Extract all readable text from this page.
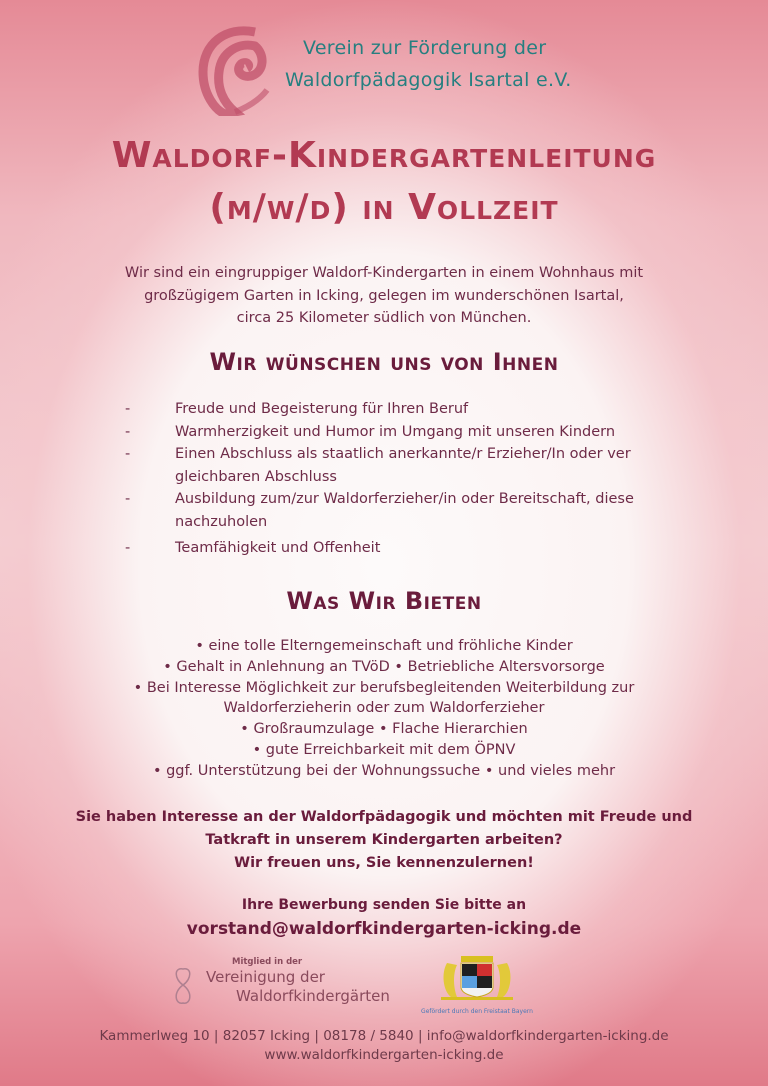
Verein zur Förderung der
Waldorfpädagogik Isartal e.V.
Waldorf-Kindergartenleitung
(m/w/d) in Vollzeit
Wir sind ein eingruppiger Waldorf-Kindergarten in einem Wohnhaus mit
großzügigem Garten in Icking, gelegen im wunderschönen Isartal,
circa 25 Kilometer südlich von München.
Wir wünschen uns von Ihnen
-	Freude und Begeisterung für Ihren Beruf
-	Warmherzigkeit und Humor im Umgang mit unseren Kindern
-	Einen Abschluss als staatlich anerkannte/r Erzieher/In oder ver gleichbaren Abschluss
-	Ausbildung zum/zur Waldorferzieher/in oder Bereitschaft, diese nachzuholen
-	Teamfähigkeit und Offenheit
Was Wir Bieten
• eine tolle Elterngemeinschaft und fröhliche Kinder
• Gehalt in Anlehnung an TVöD • Betriebliche Altersvorsorge
• Bei Interesse Möglichkeit zur berufsbegleitenden Weiterbildung zur
Waldorferzieherin oder zum Waldorferzieher
• Großraumzulage • Flache Hierarchien
• gute Erreichbarkeit mit dem ÖPNV
• ggf. Unterstützung bei der Wohnungssuche • und vieles mehr
Sie haben Interesse an der Waldorfpädagogik und möchten mit Freude und
Tatkraft in unserem Kindergarten arbeiten?
Wir freuen uns, Sie kennenzulernen!
Ihre Bewerbung senden Sie bitte an
vorstand@waldorfkindergarten-icking.de
Mitglied in der
Vereinigung der
Waldorfkindergärten
Gefördert durch den Freistaat Bayern
Kammerlweg 10 | 82057 Icking | 08178 / 5840 | info@waldorfkindergarten-icking.de
www.waldorfkindergarten-icking.de
